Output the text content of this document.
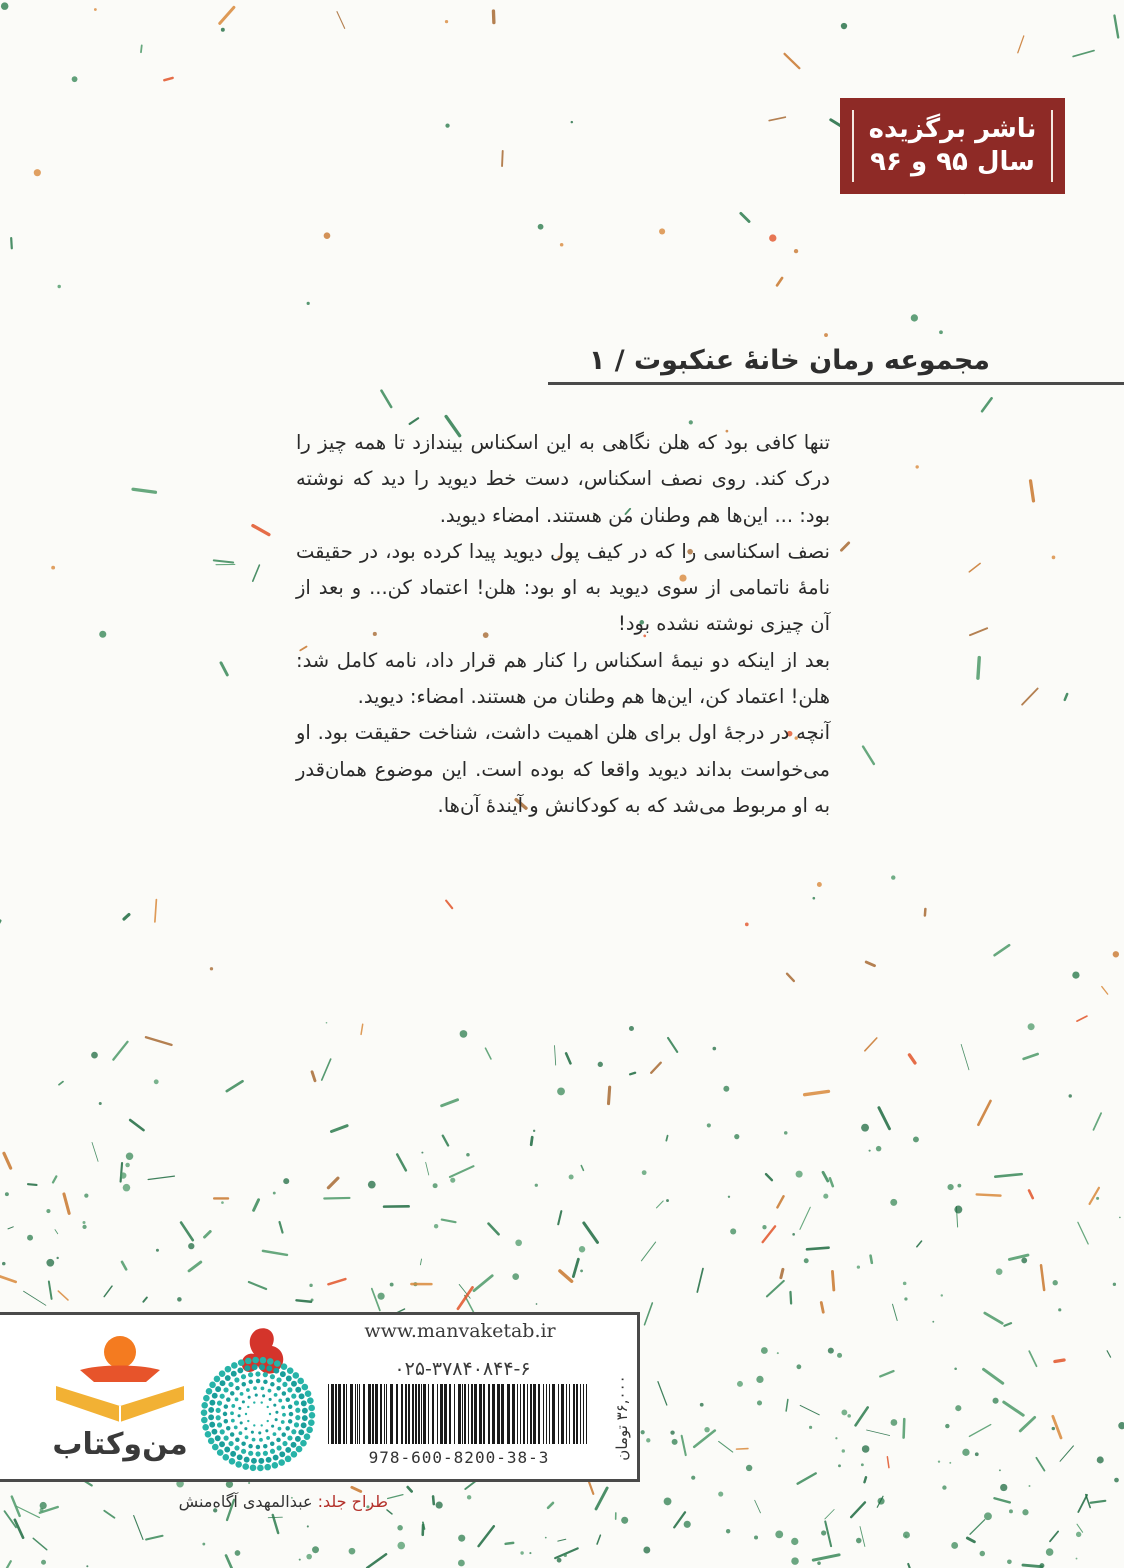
ناشر برگزیده
سال ۹۵ و ۹۶
مجموعه رمان خانهٔ عنکبوت / ۱

تنها کافی بود که هلن نگاهی به این اسکناس بیندازد تا همه چیز را درک کند. روی نصف اسکناس، دست خط دیوید را دید که نوشته بود: ... این‌ها هم وطنان من هستند. امضاء دیوید.

نصف اسکناسی را که در کیف پول دیوید پیدا کرده بود، در حقیقت نامهٔ ناتمامی از سوی دیوید به او بود: هلن! اعتماد کن... و بعد از آن چیزی نوشته نشده بود!

بعد از اینکه دو نیمهٔ اسکناس را کنار هم قرار داد، نامه کامل شد: هلن! اعتماد کن، این‌ها هم وطنان من هستند. امضاء: دیوید.

آنچه در درجهٔ اول برای هلن اهمیت داشت، شناخت حقیقت بود. او می‌خواست بداند دیوید واقعا که بوده است. این موضوع همان‌قدر به او مربوط می‌شد که به کودکانش و آیندهٔ آن‌ها.

www.manvaketab.ir
۰۲۵-۳۷۸۴۰۸۴۴-۶
978-600-8200-38-3	۳۶,۰۰۰ تومان
من‌وکتاب
طراح جلد: عبدالمهدی آگاه‌منش
